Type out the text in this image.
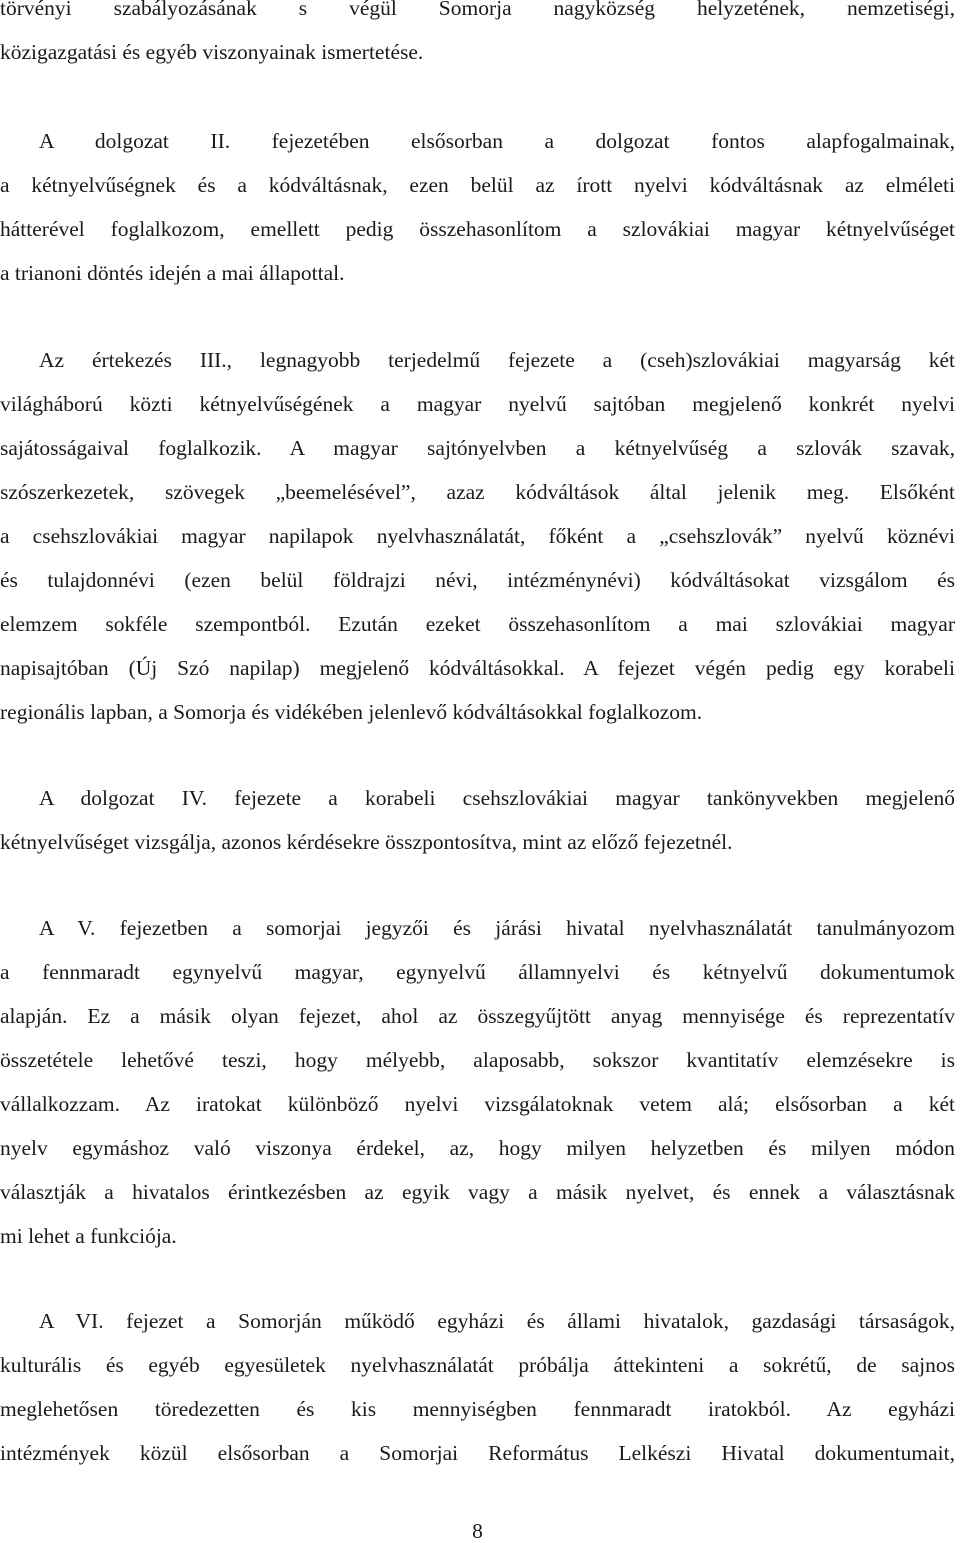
törvényi szabályozásának s végül Somorja nagyközség helyzetének, nemzetiségi,
közigazgatási és egyéb viszonyainak ismertetése.
A dolgozat II. fejezetében elsősorban a dolgozat fontos alapfogalmainak,
a kétnyelvűségnek és a kódváltásnak, ezen belül az írott nyelvi kódváltásnak az elméleti
hátterével foglalkozom, emellett pedig összehasonlítom a szlovákiai magyar kétnyelvűséget
a trianoni döntés idején a mai állapottal.
Az értekezés III., legnagyobb terjedelmű fejezete a (cseh)szlovákiai magyarság két
világháború közti kétnyelvűségének a magyar nyelvű sajtóban megjelenő konkrét nyelvi
sajátosságaival foglalkozik. A magyar sajtónyelvben a kétnyelvűség a szlovák szavak,
szószerkezetek, szövegek „beemelésével”, azaz kódváltások által jelenik meg. Elsőként
a csehszlovákiai magyar napilapok nyelvhasználatát, főként a „csehszlovák” nyelvű köznévi
és tulajdonnévi (ezen belül földrajzi névi, intézménynévi) kódváltásokat vizsgálom és
elemzem sokféle szempontból. Ezután ezeket összehasonlítom a mai szlovákiai magyar
napisajtóban (Új Szó napilap) megjelenő kódváltásokkal. A fejezet végén pedig egy korabeli
regionális lapban, a Somorja és vidékében jelenlevő kódváltásokkal foglalkozom.
A dolgozat IV. fejezete a korabeli csehszlovákiai magyar tankönyvekben megjelenő
kétnyelvűséget vizsgálja, azonos kérdésekre összpontosítva, mint az előző fejezetnél.
A V. fejezetben a somorjai jegyzői és járási hivatal nyelvhasználatát tanulmányozom
a fennmaradt egynyelvű magyar, egynyelvű államnyelvi és kétnyelvű dokumentumok
alapján. Ez a másik olyan fejezet, ahol az összegyűjtött anyag mennyisége és reprezentatív
összetétele lehetővé teszi, hogy mélyebb, alaposabb, sokszor kvantitatív elemzésekre is
vállalkozzam. Az iratokat különböző nyelvi vizsgálatoknak vetem alá; elsősorban a két
nyelv egymáshoz való viszonya érdekel, az, hogy milyen helyzetben és milyen módon
választják a hivatalos érintkezésben az egyik vagy a másik nyelvet, és ennek a választásnak
mi lehet a funkciója.
A VI. fejezet a Somorján működő egyházi és állami hivatalok, gazdasági társaságok,
kulturális és egyéb egyesületek nyelvhasználatát próbálja áttekinteni a sokrétű, de sajnos
meglehetősen töredezetten és kis mennyiségben fennmaradt iratokból. Az egyházi
intézmények közül elsősorban a Somorjai Református Lelkészi Hivatal dokumentumait,
8
